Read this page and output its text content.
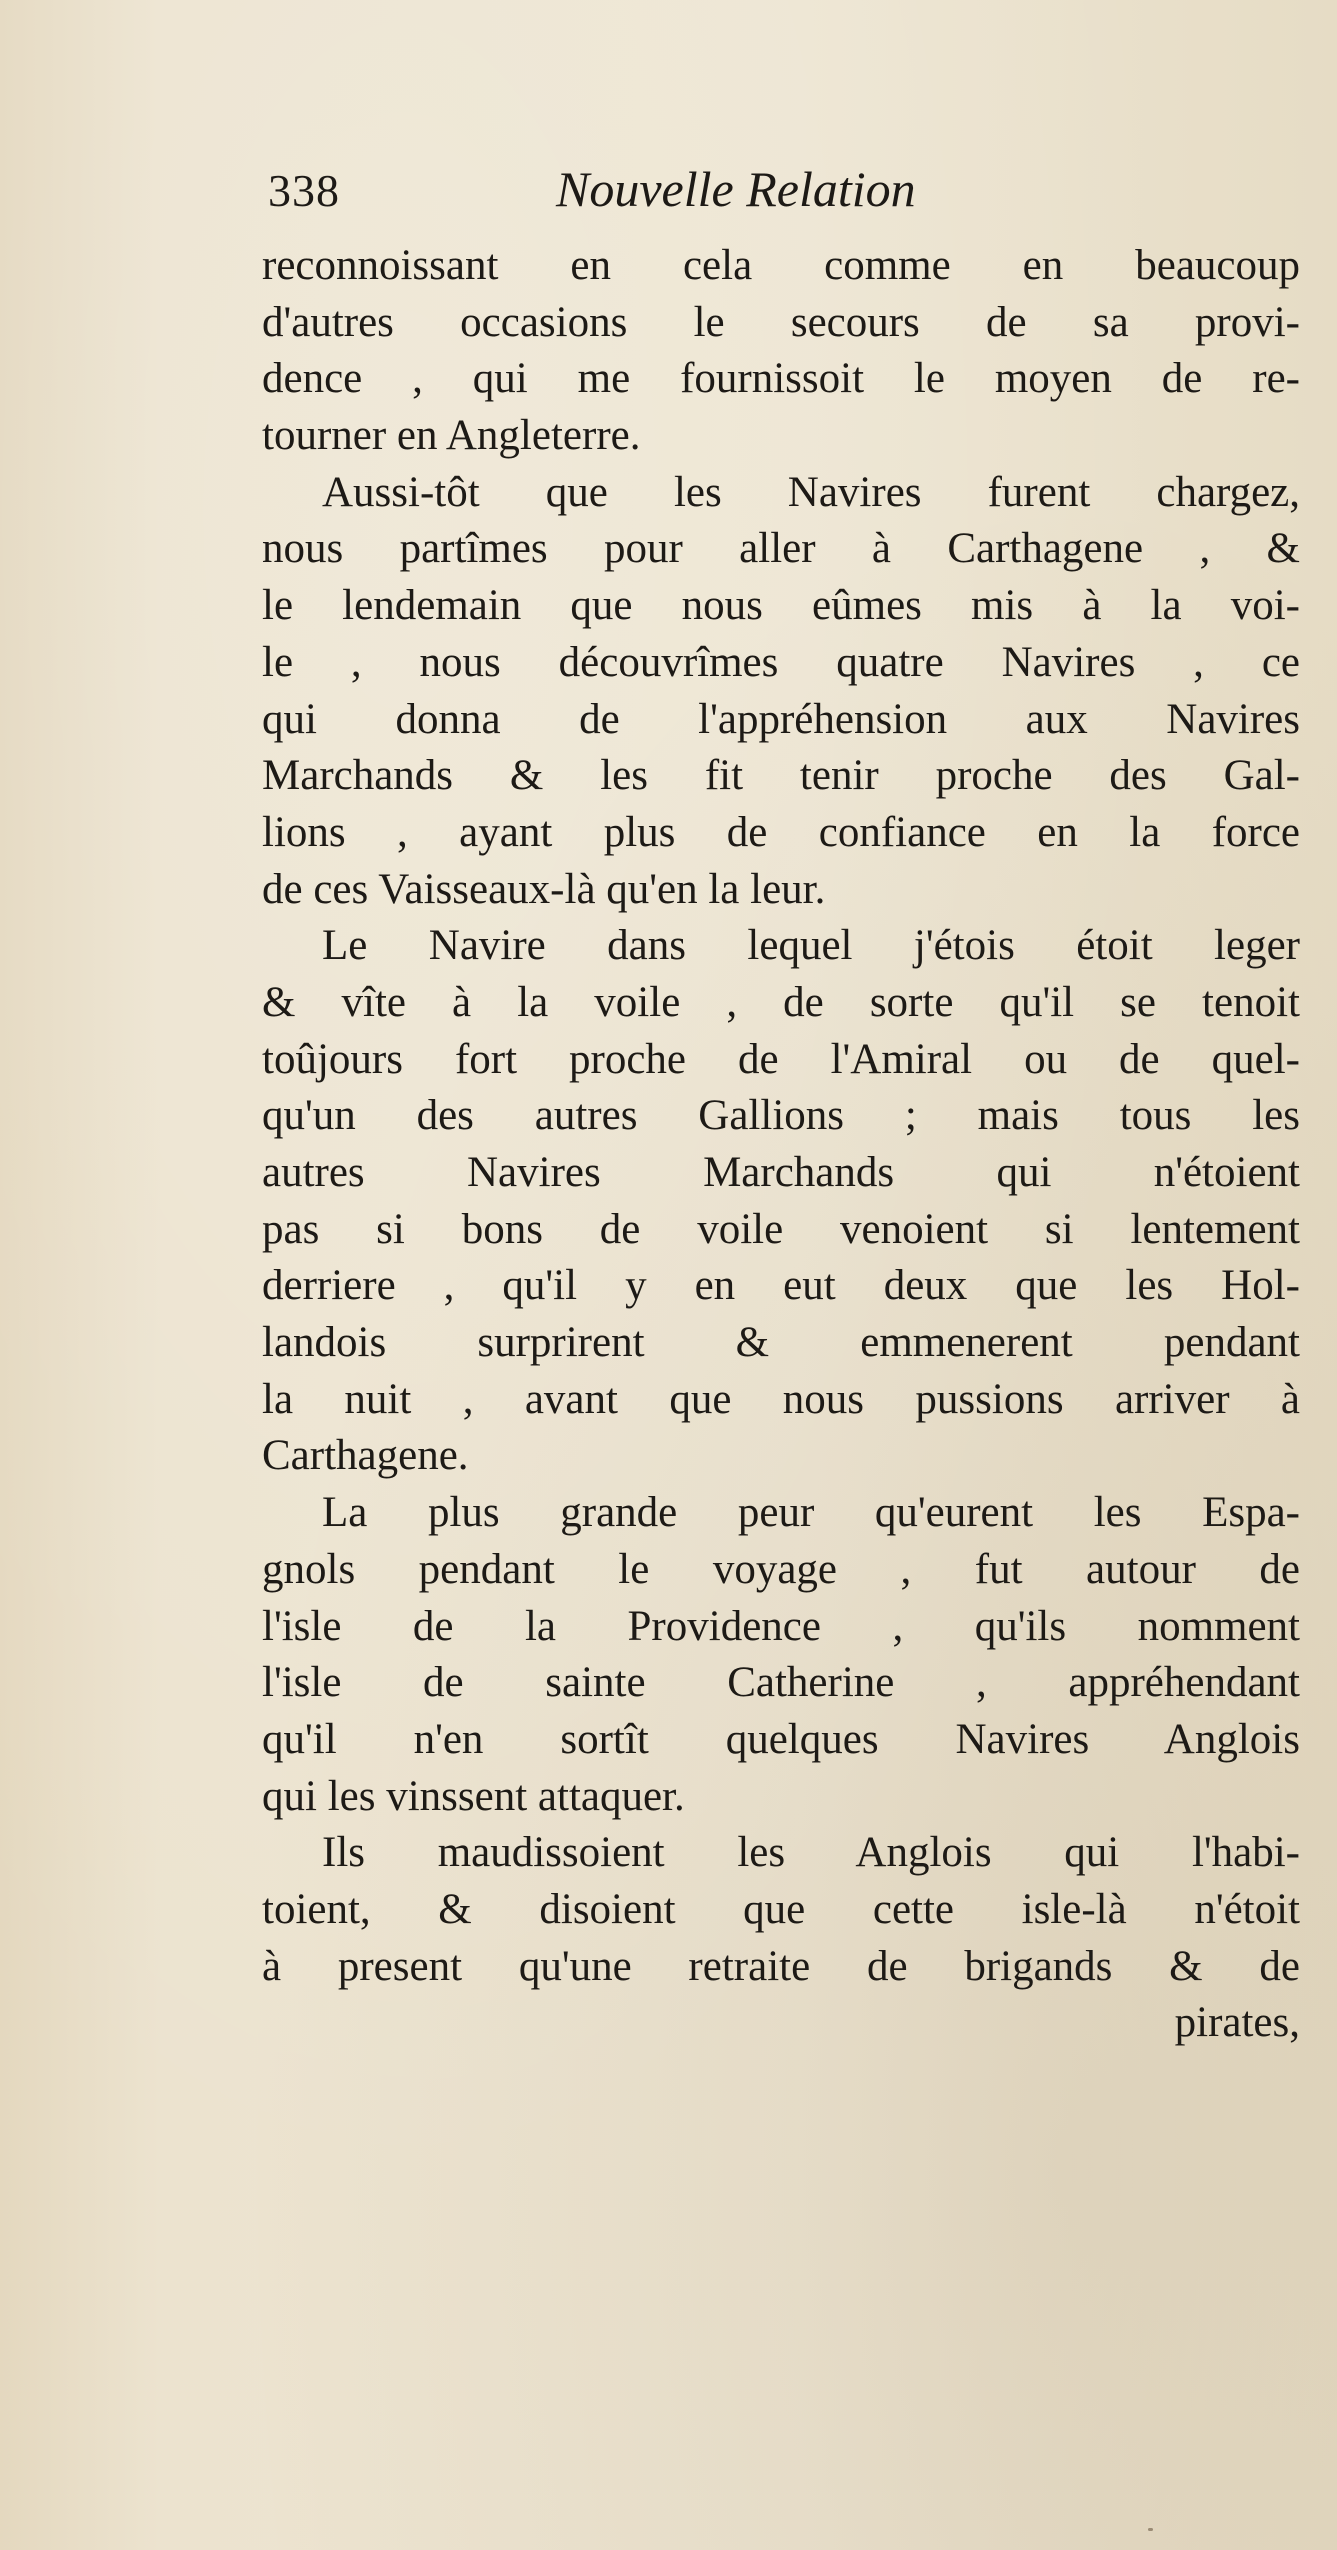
338	Nouvelle Relation
reconnoissant en cela comme en beaucoup
d'autres occasions le secours de sa provi-
dence , qui me fournissoit le moyen de re-
tourner en Angleterre.
Aussi-tôt que les Navires furent chargez,
nous partîmes pour aller à Carthagene , &
le lendemain que nous eûmes mis à la voi-
le , nous découvrîmes quatre Navires , ce
qui donna de l'appréhension aux Navires
Marchands & les fit tenir proche des Gal-
lions , ayant plus de confiance en la force
de ces Vaisseaux-là qu'en la leur.
Le Navire dans lequel j'étois étoit leger
& vîte à la voile , de sorte qu'il se tenoit
toûjours fort proche de l'Amiral ou de quel-
qu'un des autres Gallions ; mais tous les
autres Navires Marchands qui n'étoient
pas si bons de voile venoient si lentement
derriere , qu'il y en eut deux que les Hol-
landois surprirent & emmenerent pendant
la nuit , avant que nous pussions arriver à
Carthagene.
La plus grande peur qu'eurent les Espa-
gnols pendant le voyage , fut autour de
l'isle de la Providence , qu'ils nomment
l'isle de sainte Catherine , appréhendant
qu'il n'en sortît quelques Navires Anglois
qui les vinssent attaquer.
Ils maudissoient les Anglois qui l'habi-
toient, & disoient que cette isle-là n'étoit
à present qu'une retraite de brigands & de
pirates,
